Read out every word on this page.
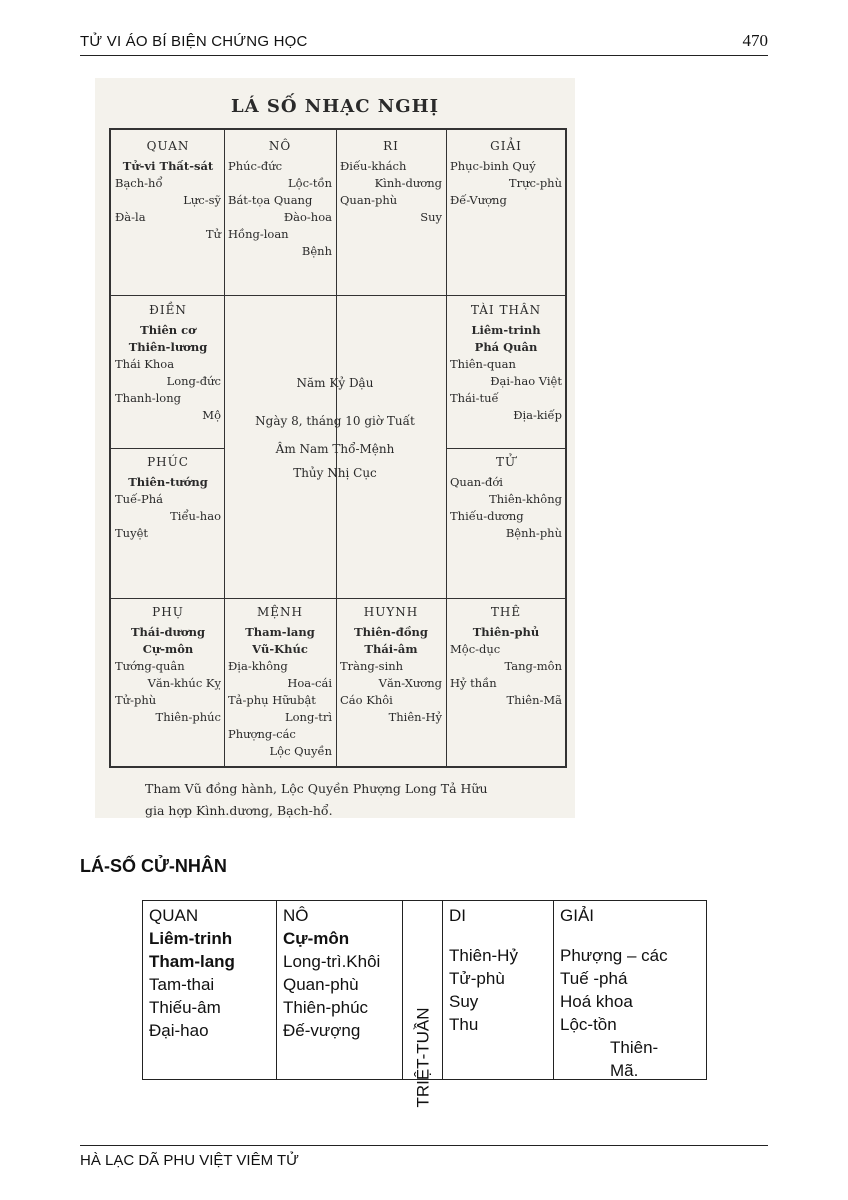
TỬ VI ÁO BÍ BIỆN CHỨNG HỌC	470
LÁ SỐ NHẠC NGHỊ
QUAN
Tử-vi Thất-sát
Bạch-hổ
Lực-sỹ
Đà-la
Tử
NÔ
Phúc-đức
Lộc-tồn
Bát-tọa Quang
Đào-hoa
Hồng-loan
Bệnh
RI
Điếu-khách
Kình-dương
Quan-phù
Suy
GIẢI
Phục-binh Quý
Trực-phù
Đế-Vượng
ĐIỀN
Thiên cơ
Thiên-lương
Thái Khoa
Long-đức
Thanh-long
Mộ
TÀI THÂN
Liêm-trinh
Phá Quân
Thiên-quan
Đại-hao Việt
Thái-tuế
Địa-kiếp
PHÚC
Thiên-tướng
Tuế-Phá
Tiểu-hao
Tuyệt
TỬ
Quan-đới
Thiên-không
Thiếu-dương
Bệnh-phù
PHỤ
Thái-dương
Cự-môn
Tướng-quân
Văn-khúc Kỵ
Tử-phù
Thiên-phúc
MỆNH
Tham-lang
Vũ-Khúc
Địa-không
Hoa-cái
Tả-phụ Hữubật
Long-trì
Phượng-các
Lộc Quyền
HUYNH
Thiên-đồng
Thái-âm
Tràng-sinh
Văn-Xương
Cáo Khôi
Thiên-Hỷ
THÊ
Thiên-phủ
Mộc-dục
Tang-môn
Hỷ thần
Thiên-Mã
Năm Kỷ Dậu
Ngày 8, tháng 10 giờ Tuất
Âm Nam Thổ-Mệnh
Thủy Nhị Cục
Tham Vũ đồng hành, Lộc Quyền Phượng Long Tả Hữu
gia hợp Kình.dương, Bạch-hổ.
LÁ-SỐ CỬ-NHÂN
QUAN
Liêm-trinh
Tham-lang
Tam-thai
Thiếu-âm
Đại-hao
NÔ
Cự-môn
Long-trì.Khôi
Quan-phù
Thiên-phúc
Đế-vượng	TRIỆT-TUẦN
DI
Thiên-Hỷ
Tử-phù
Suy
Thu
GIẢI
Phượng – các
Tuế -phá
Hoá khoa
Lộc-tồn
Thiên-
Mã.
HÀ LẠC DÃ PHU VIỆT VIÊM TỬ
